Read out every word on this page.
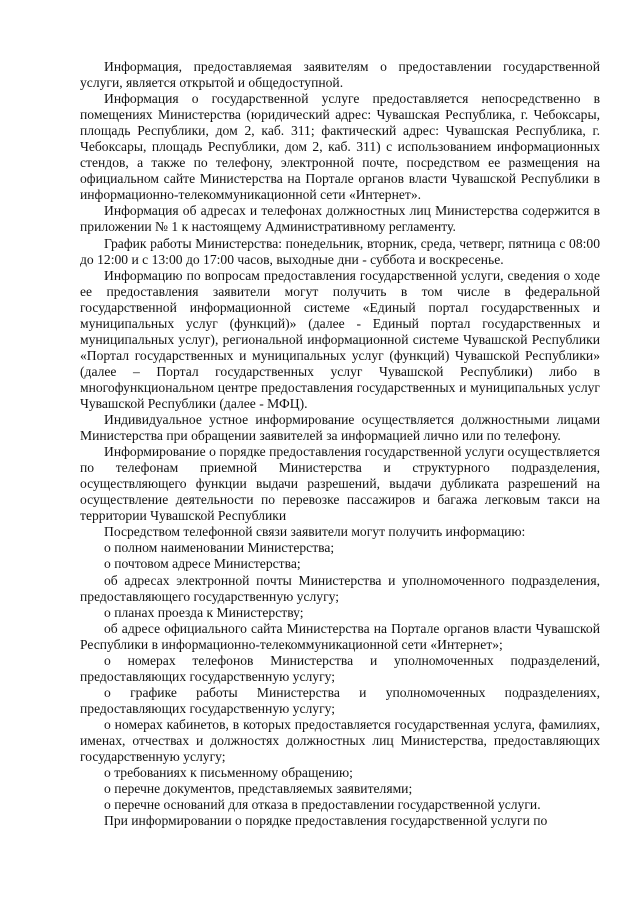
Информация, предоставляемая заявителям о предоставлении государственной услуги, является открытой и общедоступной.

Информация о государственной услуге предоставляется непосредственно в помещениях Министерства (юридический адрес: Чувашская Республика, г. Чебоксары, площадь Республики, дом 2, каб. 311; фактический адрес: Чувашская Республика, г. Чебоксары, площадь Республики, дом 2, каб. 311) с использованием информационных стендов, а также по телефону, электронной почте, посредством ее размещения на официальном сайте Министерства на Портале органов власти Чувашской Республики в информационно-телекоммуникационной сети «Интернет».

Информация об адресах и телефонах должностных лиц Министерства содержится в приложении № 1 к настоящему Административному регламенту.

График работы Министерства: понедельник, вторник, среда, четверг, пятница с 08:00 до 12:00 и с 13:00 до 17:00 часов, выходные дни - суббота и воскресенье.

Информацию по вопросам предоставления государственной услуги, сведения о ходе ее предоставления заявители могут получить в том числе в федеральной государственной информационной системе «Единый портал государственных и муниципальных услуг (функций)» (далее - Единый портал государственных и муниципальных услуг), региональной информационной системе Чувашской Республики «Портал государственных и муниципальных услуг (функций) Чувашской Республики» (далее – Портал государственных услуг Чувашской Республики) либо в многофункциональном центре предоставления государственных и муниципальных услуг Чувашской Республики (далее - МФЦ).

Индивидуальное устное информирование осуществляется должностными лицами Министерства при обращении заявителей за информацией лично или по телефону.

Информирование о порядке предоставления государственной услуги осуществляется по телефонам приемной Министерства и структурного подразделения, осуществляющего функции выдачи разрешений, выдачи дубликата разрешений на осуществление деятельности по перевозке пассажиров и багажа легковым такси на территории Чувашской Республики

Посредством телефонной связи заявители могут получить информацию:

о полном наименовании Министерства;

о почтовом адресе Министерства;

об адресах электронной почты Министерства и уполномоченного подразделения, предоставляющего государственную услугу;

о планах проезда к Министерству;

об адресе официального сайта Министерства на Портале органов власти Чувашской Республики в информационно-телекоммуникационной сети «Интернет»;

о номерах телефонов Министерства и уполномоченных подразделений, предоставляющих государственную услугу;

о графике работы Министерства и уполномоченных подразделениях, предоставляющих государственную услугу;

о номерах кабинетов, в которых предоставляется государственная услуга, фамилиях, именах, отчествах и должностях должностных лиц Министерства, предоставляющих государственную услугу;

о требованиях к письменному обращению;

о перечне документов, представляемых заявителями;

о перечне оснований для отказа в предоставлении государственной услуги.

При информировании о порядке предоставления государственной услуги по
